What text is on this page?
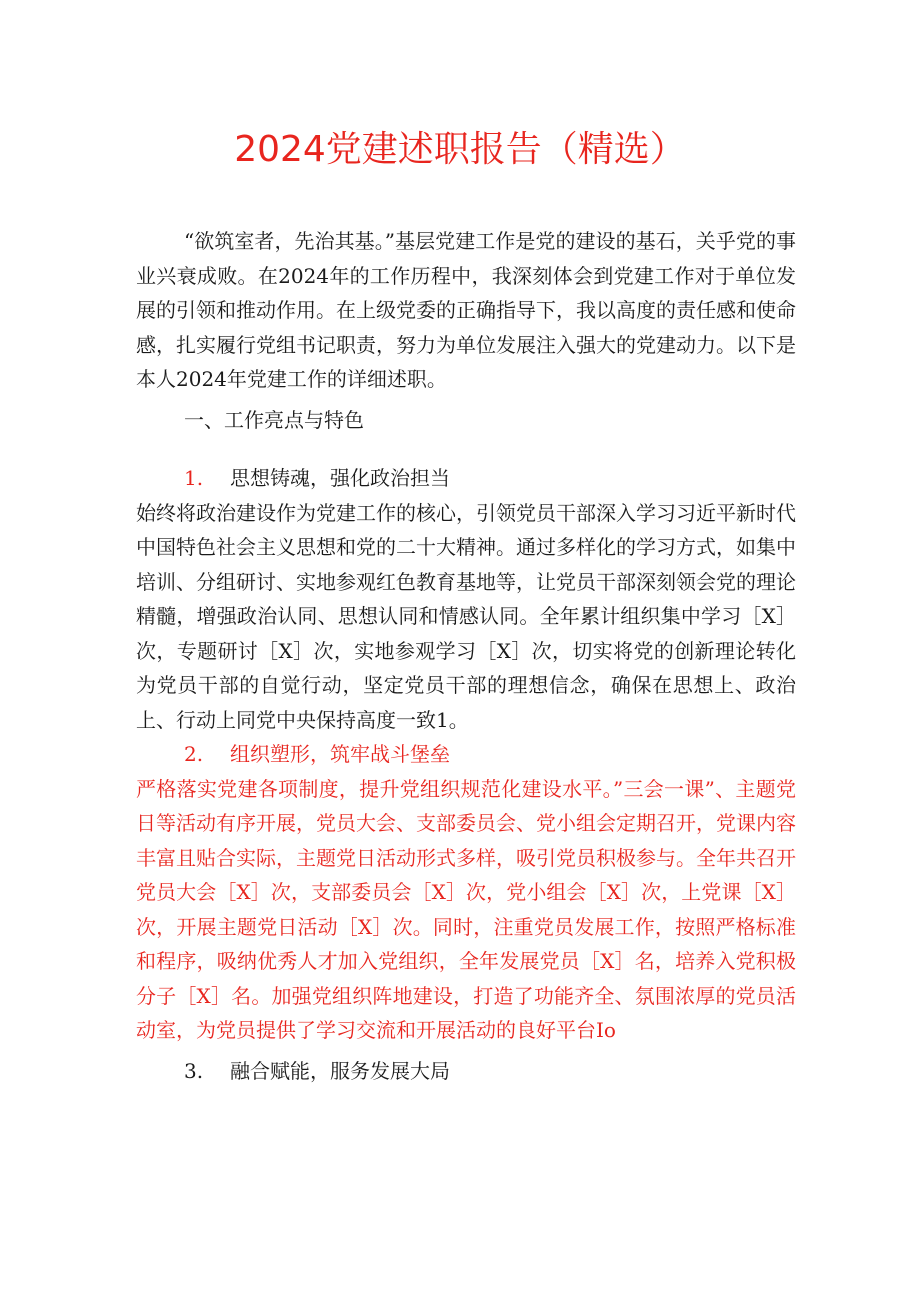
2024党建述职报告（精选）

“欲筑室者，先治其基。”基层党建工作是党的建设的基石，关乎党的事业兴衰成败。在2024年的工作历程中，我深刻体会到党建工作对于单位发展的引领和推动作用。在上级党委的正确指导下，我以高度的责任感和使命感，扎实履行党组书记职责，努力为单位发展注入强大的党建动力。以下是本人2024年党建工作的详细述职。

一、工作亮点与特色

1. 思想铸魂，强化政治担当

始终将政治建设作为党建工作的核心，引领党员干部深入学习习近平新时代中国特色社会主义思想和党的二十大精神。通过多样化的学习方式，如集中培训、分组研讨、实地参观红色教育基地等，让党员干部深刻领会党的理论精髓，增强政治认同、思想认同和情感认同。全年累计组织集中学习［X］次，专题研讨［X］次，实地参观学习［X］次，切实将党的创新理论转化为党员干部的自觉行动，坚定党员干部的理想信念，确保在思想上、政治上、行动上同党中央保持高度一致1。

2. 组织塑形，筑牢战斗堡垒

严格落实党建各项制度，提升党组织规范化建设水平。”三会一课”、主题党日等活动有序开展，党员大会、支部委员会、党小组会定期召开，党课内容丰富且贴合实际，主题党日活动形式多样，吸引党员积极参与。全年共召开党员大会［X］次，支部委员会［X］次，党小组会［X］次，上党课［X］次，开展主题党日活动［X］次。同时，注重党员发展工作，按照严格标准和程序，吸纳优秀人才加入党组织，全年发展党员［X］名，培养入党积极分子［X］名。加强党组织阵地建设，打造了功能齐全、氛围浓厚的党员活动室，为党员提供了学习交流和开展活动的良好平台Io

3. 融合赋能，服务发展大局
